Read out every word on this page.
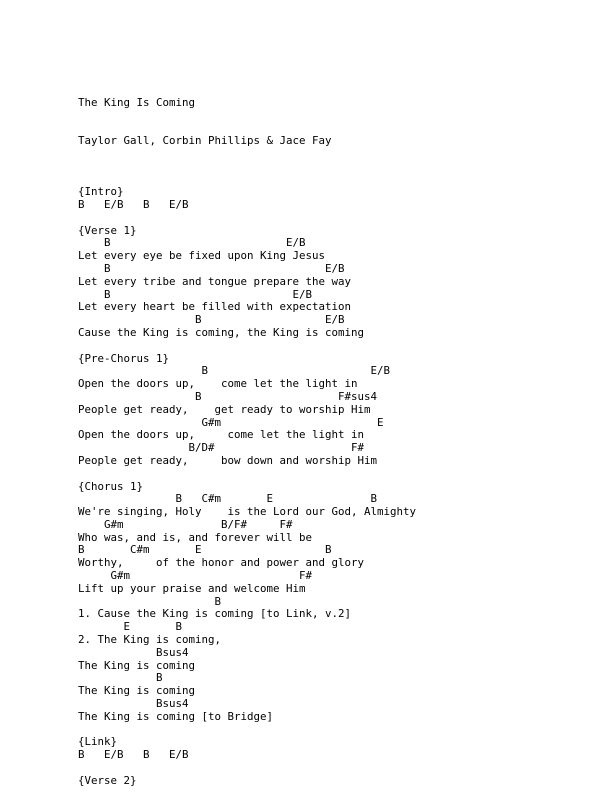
The King Is Coming

Taylor Gall, Corbin Phillips & Jace Fay

{Intro}
B   E/B   B   E/B
{Verse 1}
B                           E/B
Let every eye be fixed upon King Jesus
B                                 E/B
Let every tribe and tongue prepare the way
B                            E/B
Let every heart be filled with expectation
B                   E/B
Cause the King is coming, the King is coming
{Pre-Chorus 1}
B                         E/B
Open the doors up,    come let the light in
B                     F#sus4
People get ready,    get ready to worship Him
G#m                        E
Open the doors up,     come let the light in
B/D#                     F#
People get ready,     bow down and worship Him
{Chorus 1}
B   C#m       E               B
We're singing, Holy    is the Lord our God, Almighty
G#m               B/F#     F#
Who was, and is, and forever will be
B       C#m       E                   B
Worthy,     of the honor and power and glory
G#m                          F#
Lift up your praise and welcome Him
B
1. Cause the King is coming [to Link, v.2]
E       B
2. The King is coming,
Bsus4
The King is coming
B
The King is coming
Bsus4
The King is coming [to Bridge]
{Link}
B   E/B   B   E/B
{Verse 2}
